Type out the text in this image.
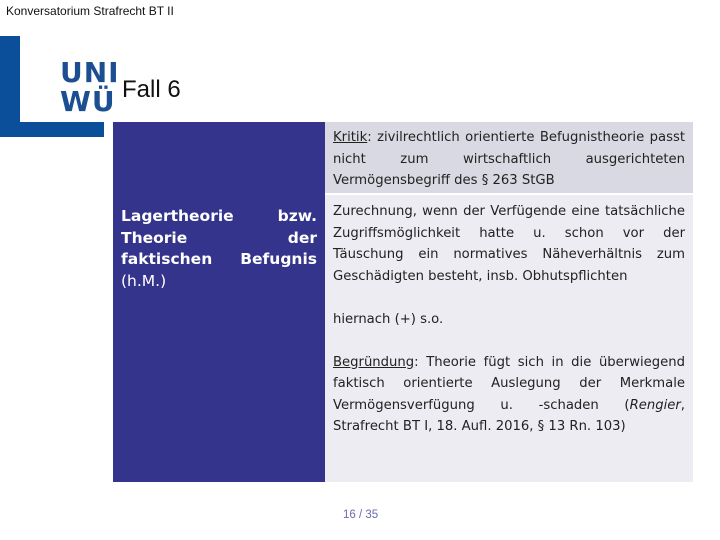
Konversatorium Strafrecht BT II
UNI
WÜ Fall 6
Lagertheorie bzw. Theorie der faktischen Befugnis (h.M.)
Kritik: zivilrechtlich orientierte Befugnistheorie passt nicht zum wirtschaftlich ausgerichteten Vermögensbegriff des § 263 StGB

Zurechnung, wenn der Verfügende eine tatsächliche Zugriffsmöglichkeit hatte u. schon vor der Täuschung ein normatives Näheverhältnis zum Geschädigten besteht, insb. Obhutspflichten

hiernach (+) s.o.

Begründung: Theorie fügt sich in die überwiegend faktisch orientierte Auslegung der Merkmale Vermögensverfügung u. -schaden (Rengier, Strafrecht BT I, 18. Aufl. 2016, § 13 Rn. 103)

16 / 35
